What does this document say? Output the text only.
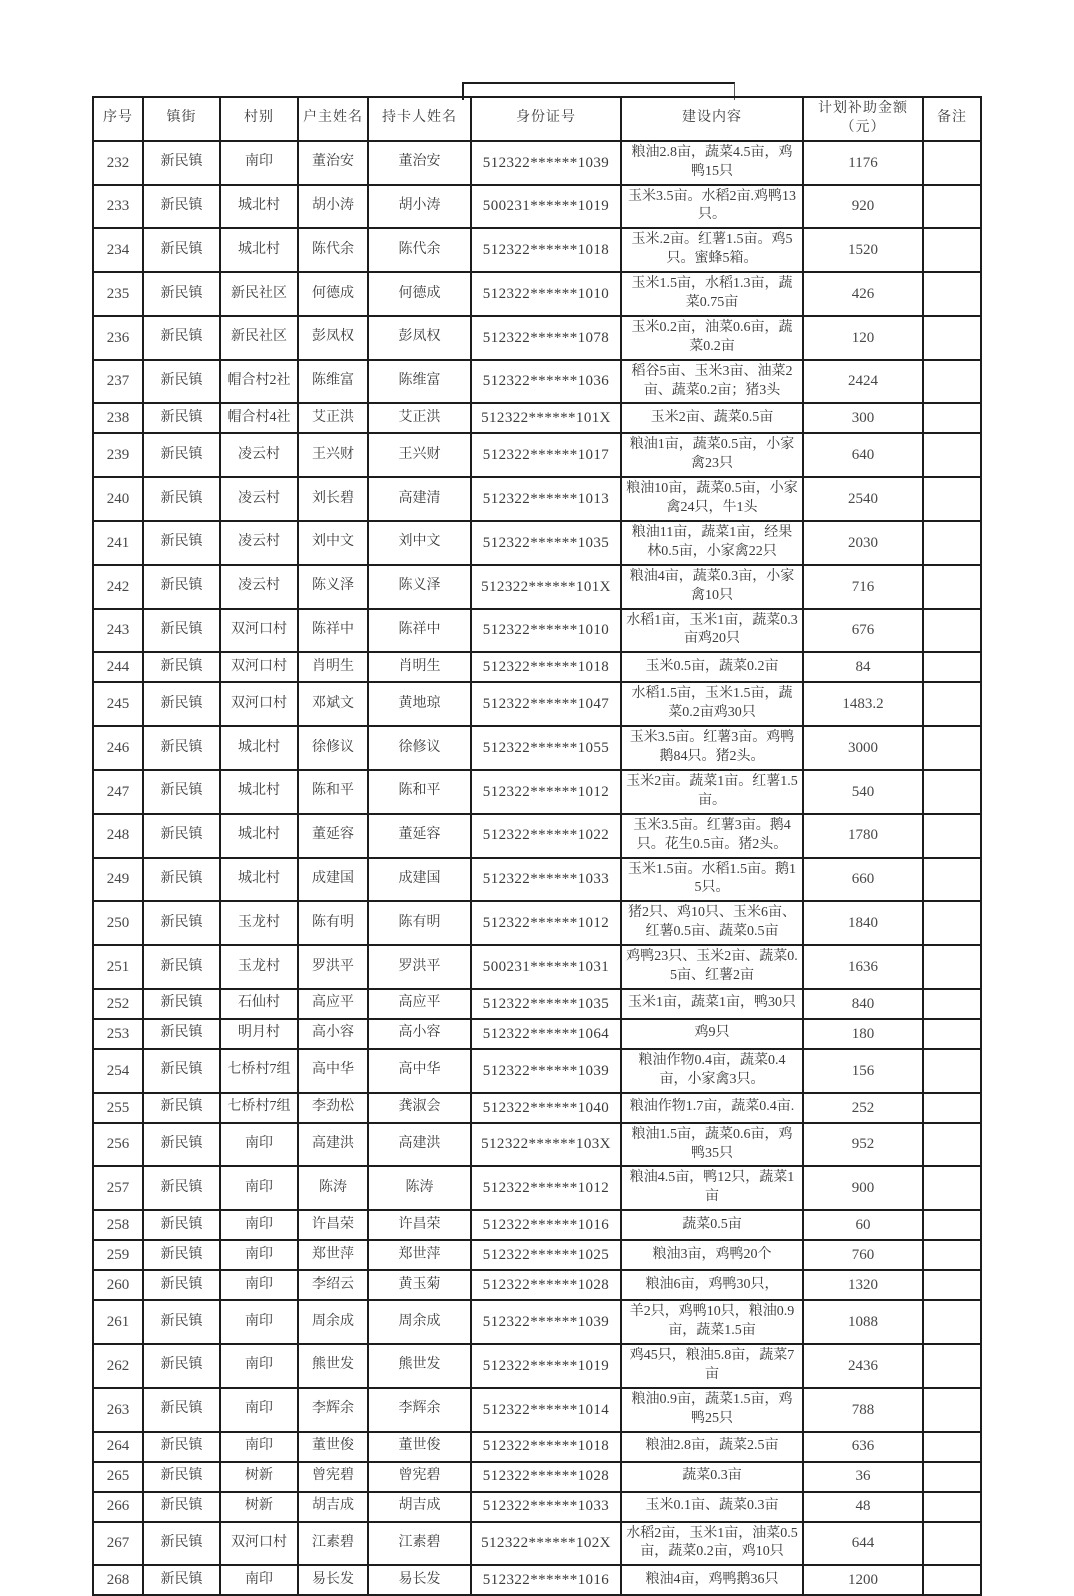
序号	镇街	村别	户主姓名	持卡人姓名	身份证号	建设内容	计划补助金额（元）	备注
232	新民镇	南印	董治安	董治安	512322******1039	粮油2.8亩，蔬菜4.5亩，鸡鸭15只	1176	
233	新民镇	城北村	胡小涛	胡小涛	500231******1019	玉米3.5亩。水稻2亩.鸡鸭13只。	920	
234	新民镇	城北村	陈代余	陈代余	512322******1018	玉米.2亩。红薯1.5亩。鸡5只。蜜蜂5箱。	1520	
235	新民镇	新民社区	何德成	何德成	512322******1010	玉米1.5亩，水稻1.3亩，蔬菜0.75亩	426	
236	新民镇	新民社区	彭凤权	彭凤权	512322******1078	玉米0.2亩，油菜0.6亩，蔬菜0.2亩	120	
237	新民镇	帽合村2社	陈维富	陈维富	512322******1036	稻谷5亩、玉米3亩、油菜2亩、蔬菜0.2亩；猪3头	2424	
238	新民镇	帽合村4社	艾正洪	艾正洪	512322******101X	玉米2亩、蔬菜0.5亩	300	
239	新民镇	凌云村	王兴财	王兴财	512322******1017	粮油1亩，蔬菜0.5亩，小家禽23只	640	
240	新民镇	凌云村	刘长碧	高建清	512322******1013	粮油10亩，蔬菜0.5亩，小家禽24只，牛1头	2540	
241	新民镇	凌云村	刘中文	刘中文	512322******1035	粮油11亩，蔬菜1亩，经果林0.5亩，小家禽22只	2030	
242	新民镇	凌云村	陈义泽	陈义泽	512322******101X	粮油4亩，蔬菜0.3亩，小家禽10只	716	
243	新民镇	双河口村	陈祥中	陈祥中	512322******1010	水稻1亩，玉米1亩，蔬菜0.3亩鸡20只	676	
244	新民镇	双河口村	肖明生	肖明生	512322******1018	玉米0.5亩，蔬菜0.2亩	84	
245	新民镇	双河口村	邓斌文	黄地琼	512322******1047	水稻1.5亩，玉米1.5亩，蔬菜0.2亩鸡30只	1483.2	
246	新民镇	城北村	徐修议	徐修议	512322******1055	玉米3.5亩。红薯3亩。鸡鸭鹅84只。猪2头。	3000	
247	新民镇	城北村	陈和平	陈和平	512322******1012	玉米2亩。蔬菜1亩。红薯1.5亩。	540	
248	新民镇	城北村	董延容	董延容	512322******1022	玉米3.5亩。红薯3亩。鹅4只。花生0.5亩。猪2头。	1780	
249	新民镇	城北村	成建国	成建国	512322******1033	玉米1.5亩。水稻1.5亩。鹅15只。	660	
250	新民镇	玉龙村	陈有明	陈有明	512322******1012	猪2只、鸡10只、玉米6亩、红薯0.5亩、蔬菜0.5亩	1840	
251	新民镇	玉龙村	罗洪平	罗洪平	500231******1031	鸡鸭23只、玉米2亩、蔬菜0.5亩、红薯2亩	1636	
252	新民镇	石仙村	高应平	高应平	512322******1035	玉米1亩，蔬菜1亩，鸭30只	840	
253	新民镇	明月村	高小容	高小容	512322******1064	鸡9只	180	
254	新民镇	七桥村7组	高中华	高中华	512322******1039	粮油作物0.4亩，蔬菜0.4亩，小家禽3只。	156	
255	新民镇	七桥村7组	李劲松	龚淑会	512322******1040	粮油作物1.7亩，蔬菜0.4亩.	252	
256	新民镇	南印	高建洪	高建洪	512322******103X	粮油1.5亩，蔬菜0.6亩，鸡鸭35只	952	
257	新民镇	南印	陈涛	陈涛	512322******1012	粮油4.5亩，鸭12只，蔬菜1亩	900	
258	新民镇	南印	许昌荣	许昌荣	512322******1016	蔬菜0.5亩	60	
259	新民镇	南印	郑世萍	郑世萍	512322******1025	粮油3亩，鸡鸭20个	760	
260	新民镇	南印	李绍云	黄玉菊	512322******1028	粮油6亩，鸡鸭30只，	1320	
261	新民镇	南印	周余成	周余成	512322******1039	羊2只，鸡鸭10只，粮油0.9亩，蔬菜1.5亩	1088	
262	新民镇	南印	熊世发	熊世发	512322******1019	鸡45只，粮油5.8亩，蔬菜7亩	2436	
263	新民镇	南印	李辉余	李辉余	512322******1014	粮油0.9亩，蔬菜1.5亩，鸡鸭25只	788	
264	新民镇	南印	董世俊	董世俊	512322******1018	粮油2.8亩，蔬菜2.5亩	636	
265	新民镇	树新	曾宪碧	曾宪碧	512322******1028	蔬菜0.3亩	36	
266	新民镇	树新	胡吉成	胡吉成	512322******1033	玉米0.1亩、蔬菜0.3亩	48	
267	新民镇	双河口村	江素碧	江素碧	512322******102X	水稻2亩，玉米1亩，油菜0.5亩，蔬菜0.2亩，鸡10只	644	
268	新民镇	南印	易长发	易长发	512322******1016	粮油4亩，鸡鸭鹅36只	1200	
